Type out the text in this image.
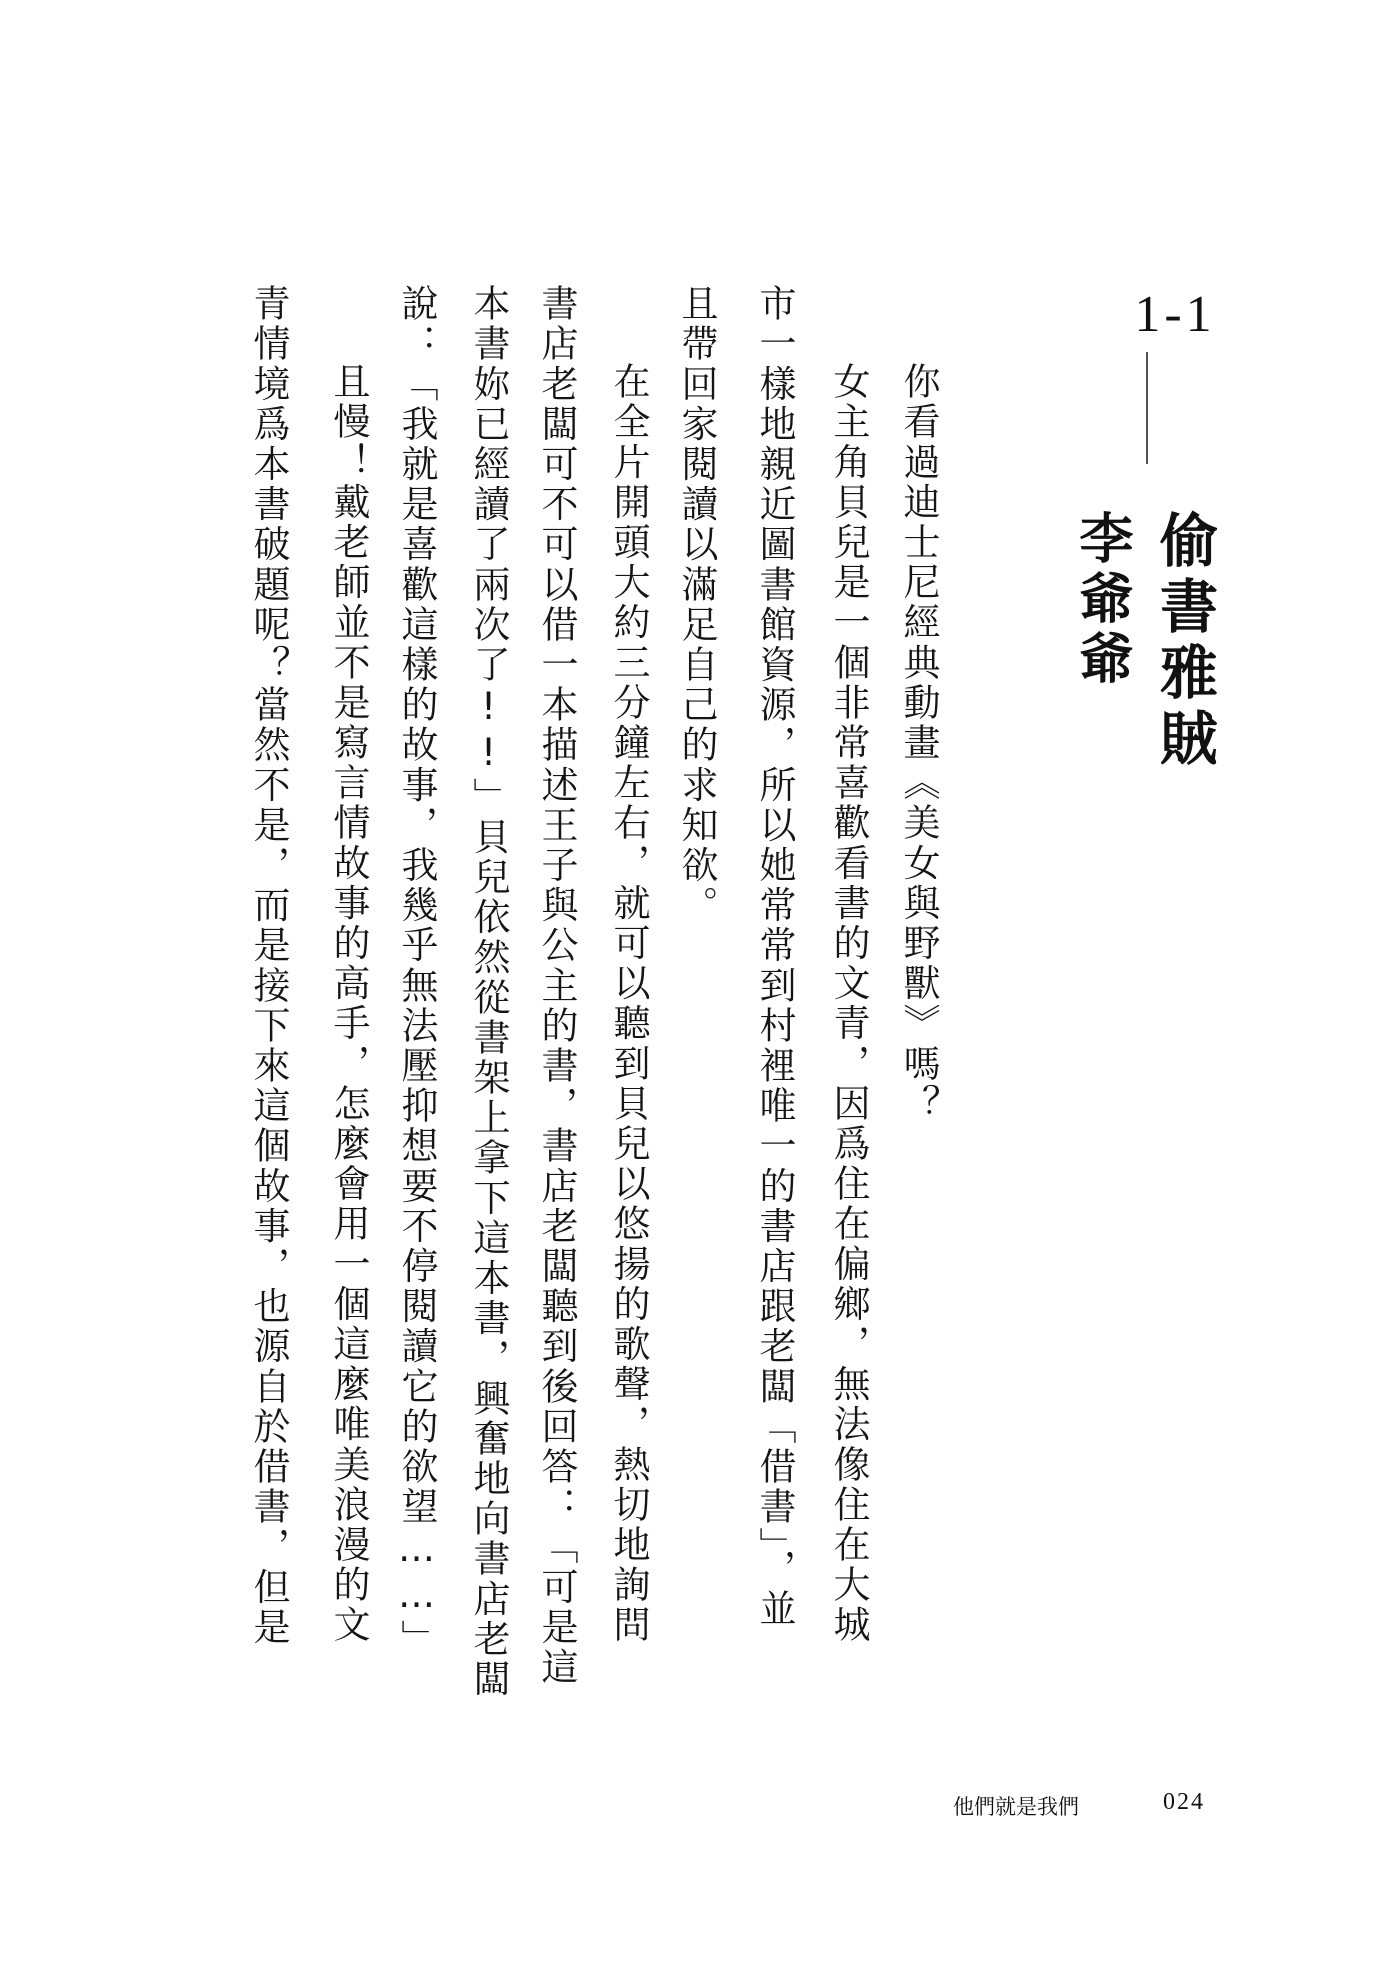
1-1
偷書雅賊
李爺爺
你看過迪士尼經典動畫《美女與野獸》嗎？
女主角貝兒是一個非常喜歡看書的文青，因爲住在偏鄉，無法像住在大城
市一樣地親近圖書館資源，所以她常常到村裡唯一的書店跟老闆「借書」，並
且帶回家閱讀以滿足自己的求知欲。
在全片開頭大約三分鐘左右，就可以聽到貝兒以悠揚的歌聲，熱切地詢問
書店老闆可不可以借一本描述王子與公主的書，書店老闆聽到後回答：「可是這
本書妳已經讀了兩次了!!」貝兒依然從書架上拿下這本書，興奮地向書店老闆
說：「我就是喜歡這樣的故事，我幾乎無法壓抑想要不停閱讀它的欲望……」
且慢！戴老師並不是寫言情故事的高手，怎麼會用一個這麼唯美浪漫的文
青情境爲本書破題呢？當然不是，而是接下來這個故事，也源自於借書，但是
他們就是我們	024
